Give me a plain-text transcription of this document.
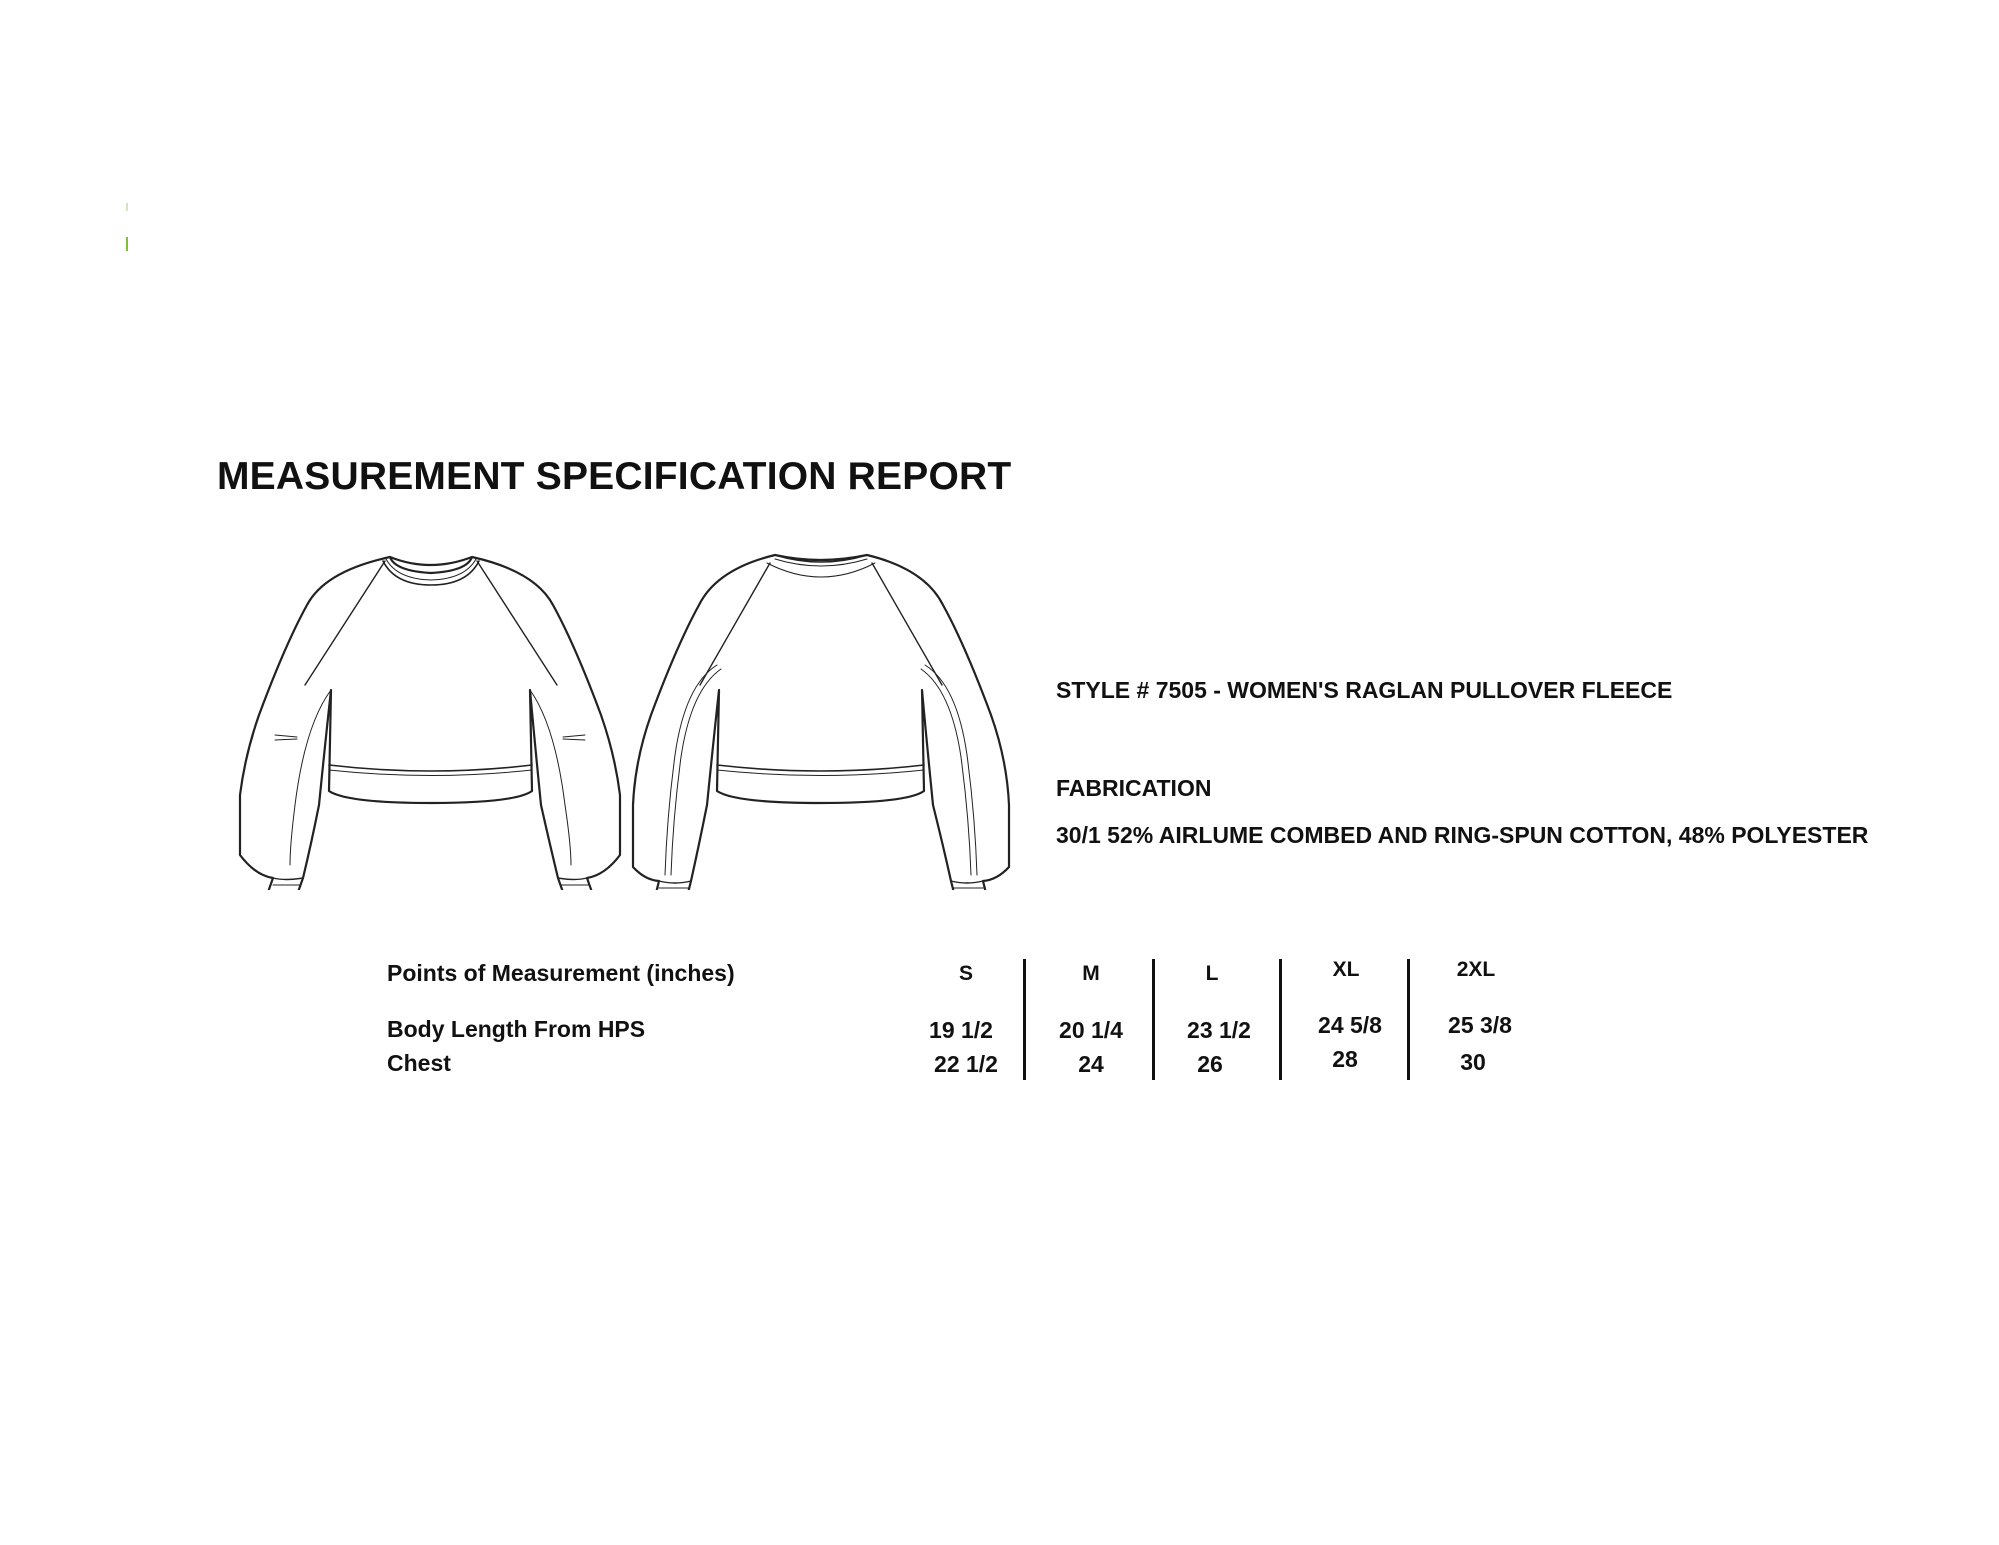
MEASUREMENT SPECIFICATION REPORT
STYLE # 7505 - WOMEN'S RAGLAN PULLOVER FLEECE
FABRICATION
30/1 52% AIRLUME COMBED AND RING-SPUN COTTON, 48% POLYESTER
Points of Measurement (inches)	S	M	L	XL	2XL
Body Length From HPS	19 1/2	20 1/4	23 1/2	24 5/8	25 3/8
Chest	22 1/2	24	26	28	30
